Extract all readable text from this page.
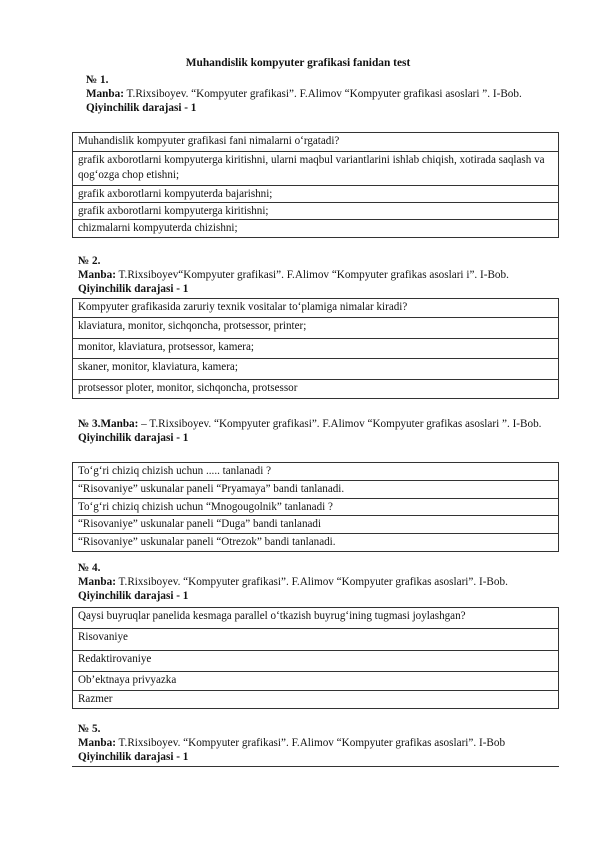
Muhandislik kompyuter grafikasi fanidan test
№ 1.
Manba: T.Rixsiboyev. “Kompyuter grafikasi”. F.Alimov “Kompyuter grafikasi asoslari ”. I-Bob.
Qiyinchilik darajasi - 1
Muhandislik kompyuter grafikasi fani nimalarni o‘rgatadi?
grafik axborotlarni kompyuterga kiritishni, ularni maqbul variantlarini ishlab chiqish, xotirada saqlash va qog‘ozga chop etishni;
grafik axborotlarni kompyuterda bajarishni;
grafik axborotlarni kompyuterga kiritishni;
chizmalarni kompyuterda chizishni;
№ 2.
Manba: T.Rixsiboyev“Kompyuter grafikasi”. F.Alimov “Kompyuter grafikas asoslari i”. I-Bob.
Qiyinchilik darajasi - 1
Kompyuter grafikasida zaruriy texnik vositalar to‘plamiga nimalar kiradi?
klaviatura, monitor, sichqoncha, protsessor, printer;
monitor, klaviatura, protsessor, kamera;
skaner, monitor, klaviatura, kamera;
protsessor ploter, monitor, sichqoncha, protsessor
№ 3.Manba: – T.Rixsiboyev. “Kompyuter grafikasi”. F.Alimov “Kompyuter grafikas asoslari ”. I-Bob.
Qiyinchilik darajasi - 1
To‘g‘ri chiziq chizish uchun ..... tanlanadi ?
“Risovaniye” uskunalar paneli “Pryamaya” bandi tanlanadi.
To‘g‘ri chiziq chizish uchun “Mnogougolnik” tanlanadi ?
“Risovaniye” uskunalar paneli “Duga” bandi tanlanadi
“Risovaniye” uskunalar paneli “Otrezok” bandi tanlanadi.
№ 4.
Manba: T.Rixsiboyev. “Kompyuter grafikasi”. F.Alimov “Kompyuter grafikas asoslari”. I-Bob.
Qiyinchilik darajasi - 1
Qaysi buyruqlar panelida kesmaga parallel o‘tkazish buyrug‘ining tugmasi joylashgan?
Risovaniye
Redaktirovaniye
Ob’ektnaya privyazka
Razmer
№ 5.
Manba: T.Rixsiboyev. “Kompyuter grafikasi”. F.Alimov “Kompyuter grafikas asoslari”. I-Bob
Qiyinchilik darajasi - 1
